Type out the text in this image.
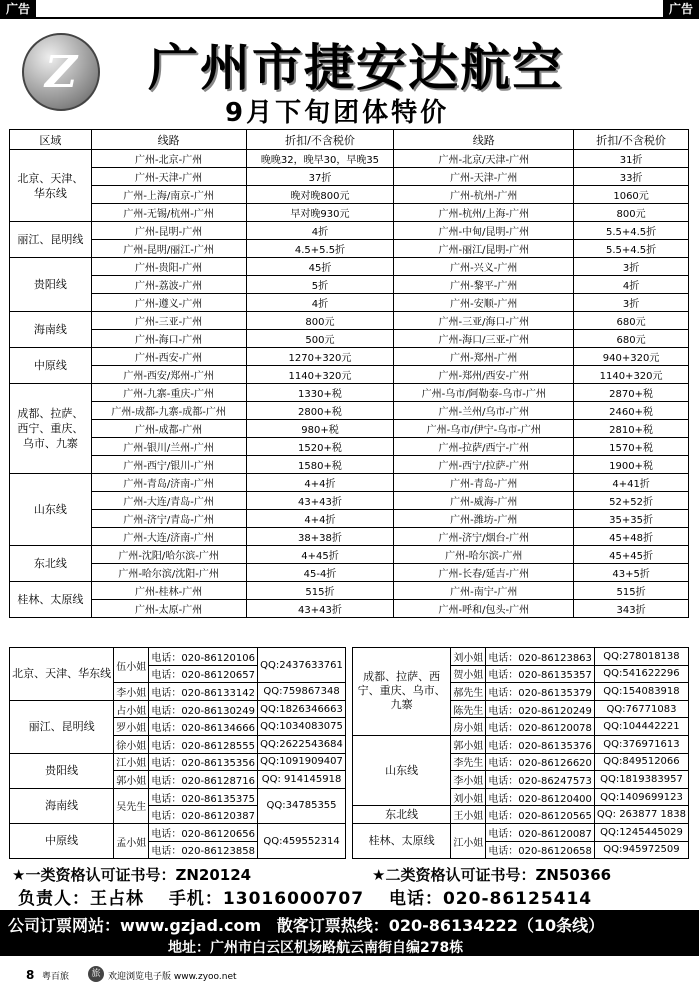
广告	广告
Z	广州市捷安达航空
9月下旬团体特价
区域	线路	折扣/不含税价	线路	折扣/不含税价
北京、天津、华东线	广州-北京-广州	晚晚32，晚早30，早晚35	广州-北京/天津-广州	31折
	广州-天津-广州	37折	广州-天津-广州	33折
	广州-上海/南京-广州	晚对晚800元	广州-杭州-广州	1060元
	广州-无锡/杭州-广州	早对晚930元	广州-杭州/上海-广州	800元
丽江、昆明线	广州-昆明-广州	4折	广州-中甸/昆明-广州	5.5+4.5折
	广州-昆明/丽江-广州	4.5+5.5折	广州-丽江/昆明-广州	5.5+4.5折
贵阳线	广州-贵阳-广州	45折	广州-兴义-广州	3折
	广州-荔波-广州	5折	广州-黎平-广州	4折
	广州-遵义-广州	4折	广州-安顺-广州	3折
海南线	广州-三亚-广州	800元	广州-三亚/海口-广州	680元
	广州-海口-广州	500元	广州-海口/三亚-广州	680元
中原线	广州-西安-广州	1270+320元	广州-郑州-广州	940+320元
	广州-西安/郑州-广州	1140+320元	广州-郑州/西安-广州	1140+320元
成都、拉萨、西宁、重庆、乌市、九寨	广州-九寨-重庆-广州	1330+税	广州-乌市/阿勒泰-乌市-广州	2870+税
	广州-成都-九寨-成都-广州	2800+税	广州-兰州/乌市-广州	2460+税
	广州-成都-广州	980+税	广州-乌市/伊宁-乌市-广州	2810+税
	广州-银川/兰州-广州	1520+税	广州-拉萨/西宁-广州	1570+税
	广州-西宁/银川-广州	1580+税	广州-西宁/拉萨-广州	1900+税
山东线	广州-青岛/济南-广州	4+4折	广州-青岛-广州	4+41折
	广州-大连/青岛-广州	43+43折	广州-威海-广州	52+52折
	广州-济宁/青岛-广州	4+4折	广州-潍坊-广州	35+35折
	广州-大连/济南-广州	38+38折	广州-济宁/烟台-广州	45+48折
东北线	广州-沈阳/哈尔滨-广州	4+45折	广州-哈尔滨-广州	45+45折
	广州-哈尔滨/沈阳-广州	45-4折	广州-长春/延吉-广州	43+5折
桂林、太原线	广州-桂林-广州	515折	广州-南宁-广州	515折
	广州-太原-广州	43+43折	广州-呼和/包头-广州	343折
北京、天津、华东线	伍小姐	电话：020-86120106	QQ:2437633761
		电话：020-86120657	
	李小姐	电话：020-86133142	QQ:759867348
丽江、昆明线	占小姐	电话：020-86130249	QQ:1826346663
	罗小姐	电话：020-86134666	QQ:1034083075
	徐小姐	电话：020-86128555	QQ:2622543684
贵阳线	江小姐	电话：020-86135356	QQ:1091909407
	郭小姐	电话：020-86128716	QQ: 914145918
海南线	吴先生	电话：020-86135375	QQ:34785355
		电话：020-86120387	
中原线	孟小姐	电话：020-86120656	QQ:459552314
		电话：020-86123858	
成都、拉萨、西宁、重庆、乌市、九寨	刘小姐	电话：020-86123863	QQ:278018138
	贺小姐	电话：020-86135357	QQ:541622296
	郝先生	电话：020-86135379	QQ:154083918
	陈先生	电话：020-86120249	QQ:76771083
	房小姐	电话：020-86120078	QQ:104442221
山东线	郭小姐	电话：020-86135376	QQ:376971613
	李先生	电话：020-86126620	QQ:849512066
	李小姐	电话：020-86247573	QQ:1819383957
	刘小姐	电话：020-86120400	QQ:1409699123
东北线	王小姐	电话：020-86120565	QQ: 263877 1838
桂林、太原线	江小姐	电话：020-86120087	QQ:1245445029
		电话：020-86120658	QQ:945972509
★一类资格认可证书号：ZN20124	★二类资格认可证书号：ZN50366
负责人：王占林 手机：13016000707 电话：020-86125414
公司订票网站：www.gzjad.com 散客订票热线：020-86134222（10条线）
地址：广州市白云区机场路航云南街自编278栋
8 粤百旅	旅 欢迎浏览电子版 www.zyoo.net
